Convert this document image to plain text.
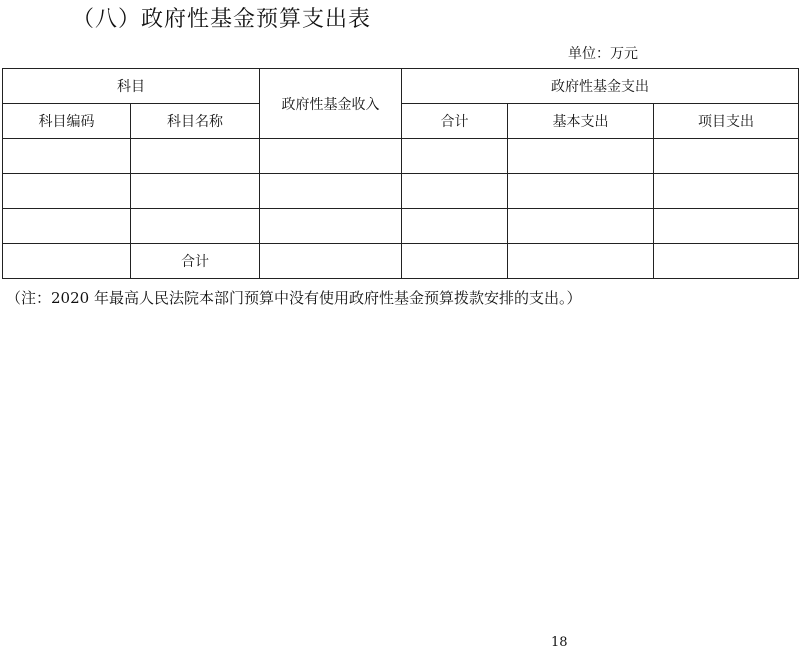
（八）政府性基金预算支出表
单位：万元
科目		政府性基金收入	政府性基金支出		
科目编码	科目名称		合计	基本支出	项目支出

	合计				
（注：2020 年最高人民法院本部门预算中没有使用政府性基金预算拨款安排的支出。）
18
